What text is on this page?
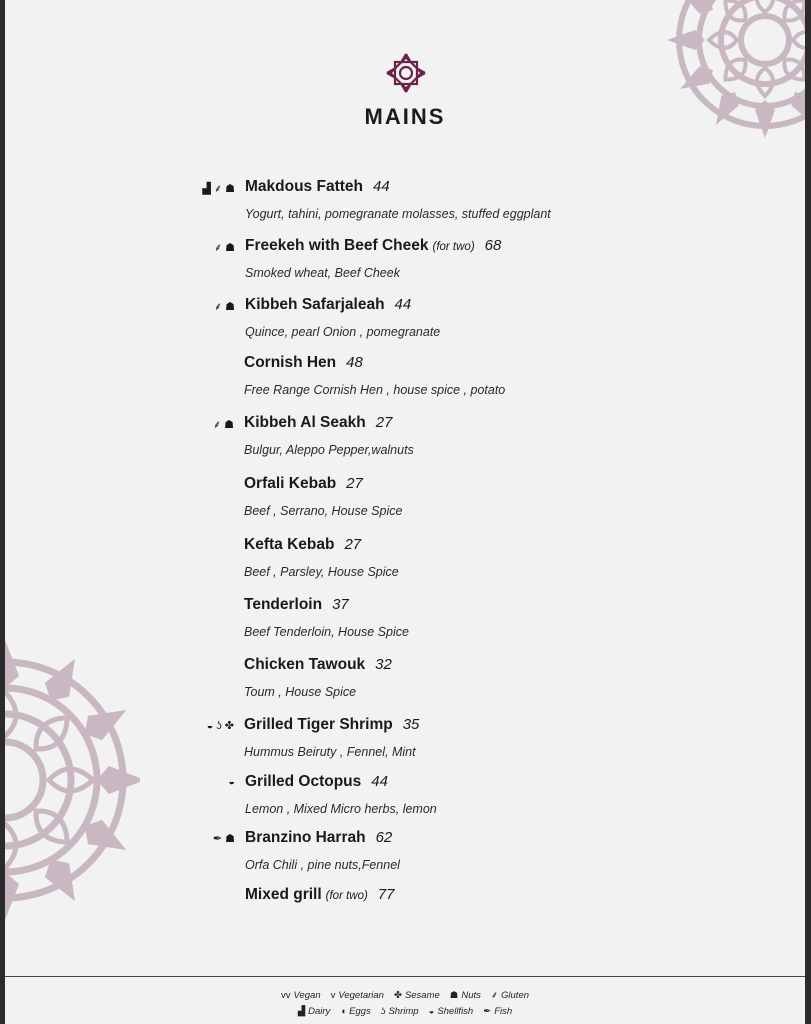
MAINS
▟ ⸙ ☗ Makdous Fatteh 44
Yogurt, tahini, pomegranate molasses, stuffed eggplant
⸙ ☗ Freekeh with Beef Cheek (for two) 68
Smoked wheat, Beef Cheek
⸙ ☗ Kibbeh Safarjaleah 44
Quince, pearl Onion , pomegranate
Cornish Hen 48
Free Range Cornish Hen , house spice , potato
⸙ ☗ Kibbeh Al Seakh 27
Bulgur, Aleppo Pepper,walnuts
Orfali Kebab 27
Beef , Serrano, House Spice
Kefta Kebab 27
Beef , Parsley, House Spice
Tenderloin 37
Beef Tenderloin, House Spice
Chicken Tawouk 32
Toum , House Spice
◒ ʖ ✤ Grilled Tiger Shrimp 35
Hummus Beiruty , Fennel, Mint
◒ Grilled Octopus 44
Lemon , Mixed Micro herbs, lemon
✒ ☗ Branzino Harrah 62
Orfa Chili , pine nuts,Fennel
Mixed grill (for two) 77
vv Vegan v Vegetarian ✤ Sesame ☗ Nuts ⸙ Gluten
▟ Dairy ◖ Eggs ʖ Shrimp ◒ Shellfish ✒ Fish
